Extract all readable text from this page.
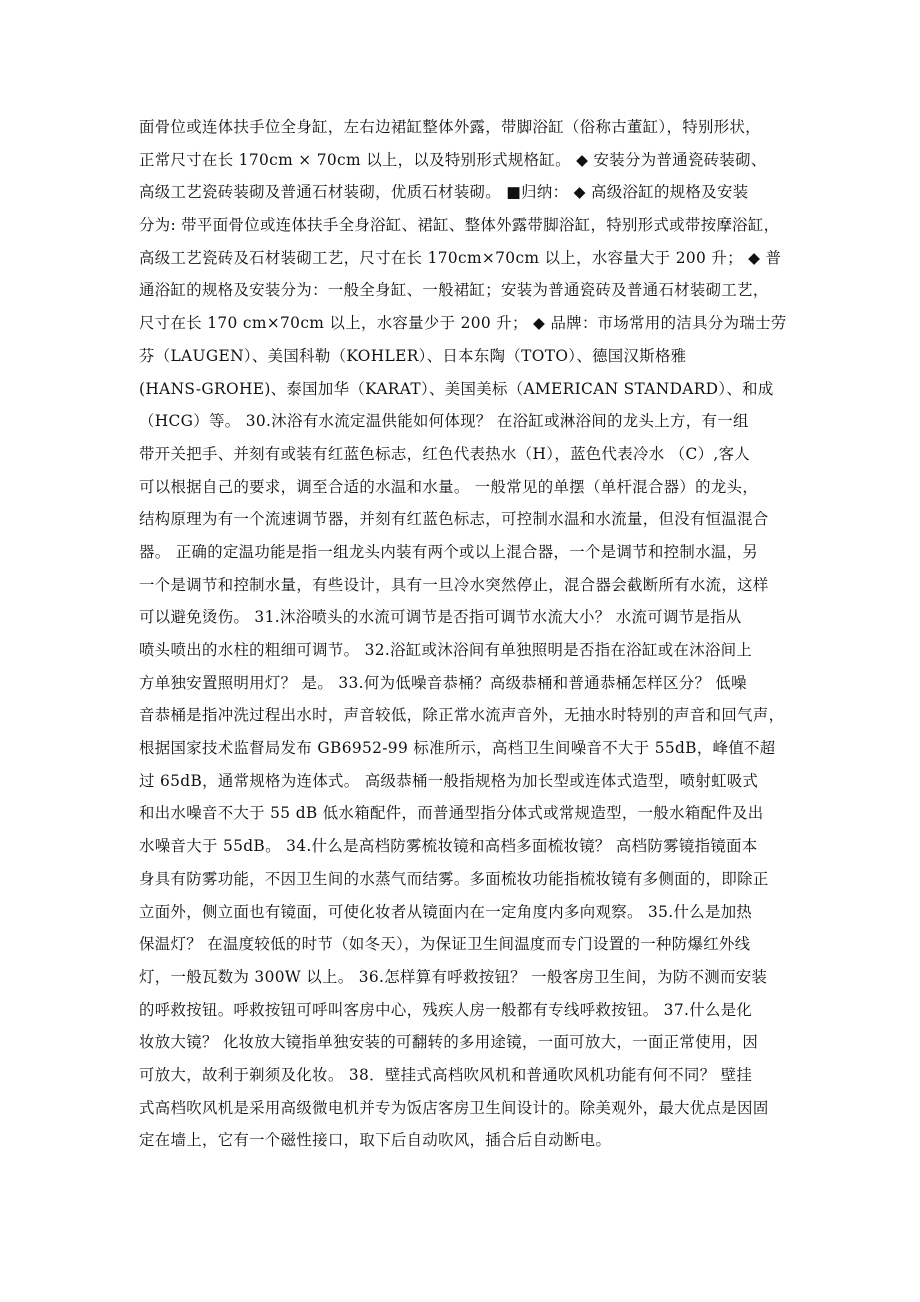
面骨位或连体扶手位全身缸，左右边裙缸整体外露，带脚浴缸（俗称古董缸），特别形状，
正常尺寸在长 170cm × 70cm 以上，以及特别形式规格缸。 ◆ 安装分为普通瓷砖装砌、
高级工艺瓷砖装砌及普通石材装砌，优质石材装砌。 ■归纳： ◆ 高级浴缸的规格及安装
分为: 带平面骨位或连体扶手全身浴缸、裙缸、整体外露带脚浴缸，特别形式或带按摩浴缸，
高级工艺瓷砖及石材装砌工艺，尺寸在长 170cm×70cm 以上，水容量大于 200 升； ◆ 普
通浴缸的规格及安装分为：一般全身缸、一般裙缸；安装为普通瓷砖及普通石材装砌工艺，
尺寸在长 170 cm×70cm 以上，水容量少于 200 升； ◆ 品牌：市场常用的洁具分为瑞士劳
芬（LAUGEN）、美国科勒（KOHLER）、日本东陶（TOTO）、德国汉斯格雅
(HANS-GROHE)、泰国加华（KARAT）、美国美标（AMERICAN STANDARD）、和成
（HCG）等。 30.沐浴有水流定温供能如何体现？ 在浴缸或淋浴间的龙头上方，有一组
带开关把手、并刻有或装有红蓝色标志，红色代表热水（H），蓝色代表冷水 （C）,客人
可以根据自己的要求，调至合适的水温和水量。 一般常见的单摆（单杆混合器）的龙头，
结构原理为有一个流速调节器，并刻有红蓝色标志，可控制水温和水流量，但没有恒温混合
器。 正确的定温功能是指一组龙头内装有两个或以上混合器，一个是调节和控制水温，另
一个是调节和控制水量，有些设计，具有一旦冷水突然停止，混合器会截断所有水流，这样
可以避免烫伤。 31.沐浴喷头的水流可调节是否指可调节水流大小？ 水流可调节是指从
喷头喷出的水柱的粗细可调节。 32.浴缸或沐浴间有单独照明是否指在浴缸或在沐浴间上
方单独安置照明用灯？ 是。 33.何为低噪音恭桶？高级恭桶和普通恭桶怎样区分？ 低噪
音恭桶是指冲洗过程出水时，声音较低，除正常水流声音外，无抽水时特别的声音和回气声，
根据国家技术监督局发布 GB6952-99 标准所示，高档卫生间噪音不大于 55dB，峰值不超
过 65dB，通常规格为连体式。 高级恭桶一般指规格为加长型或连体式造型，喷射虹吸式
和出水噪音不大于 55 dB 低水箱配件，而普通型指分体式或常规造型，一般水箱配件及出
水噪音大于 55dB。 34.什么是高档防雾梳妆镜和高档多面梳妆镜？ 高档防雾镜指镜面本
身具有防雾功能，不因卫生间的水蒸气而结雾。多面梳妆功能指梳妆镜有多侧面的，即除正
立面外，侧立面也有镜面，可使化妆者从镜面内在一定角度内多向观察。 35.什么是加热
保温灯？ 在温度较低的时节（如冬天），为保证卫生间温度而专门设置的一种防爆红外线
灯，一般瓦数为 300W 以上。 36.怎样算有呼救按钮？ 一般客房卫生间，为防不测而安装
的呼救按钮。呼救按钮可呼叫客房中心，残疾人房一般都有专线呼救按钮。 37.什么是化
妆放大镜？ 化妆放大镜指单独安装的可翻转的多用途镜，一面可放大，一面正常使用，因
可放大，故利于剃须及化妆。 38．壁挂式高档吹风机和普通吹风机功能有何不同？ 壁挂
式高档吹风机是采用高级微电机并专为饭店客房卫生间设计的。除美观外，最大优点是因固
定在墙上，它有一个磁性接口，取下后自动吹风，插合后自动断电。
